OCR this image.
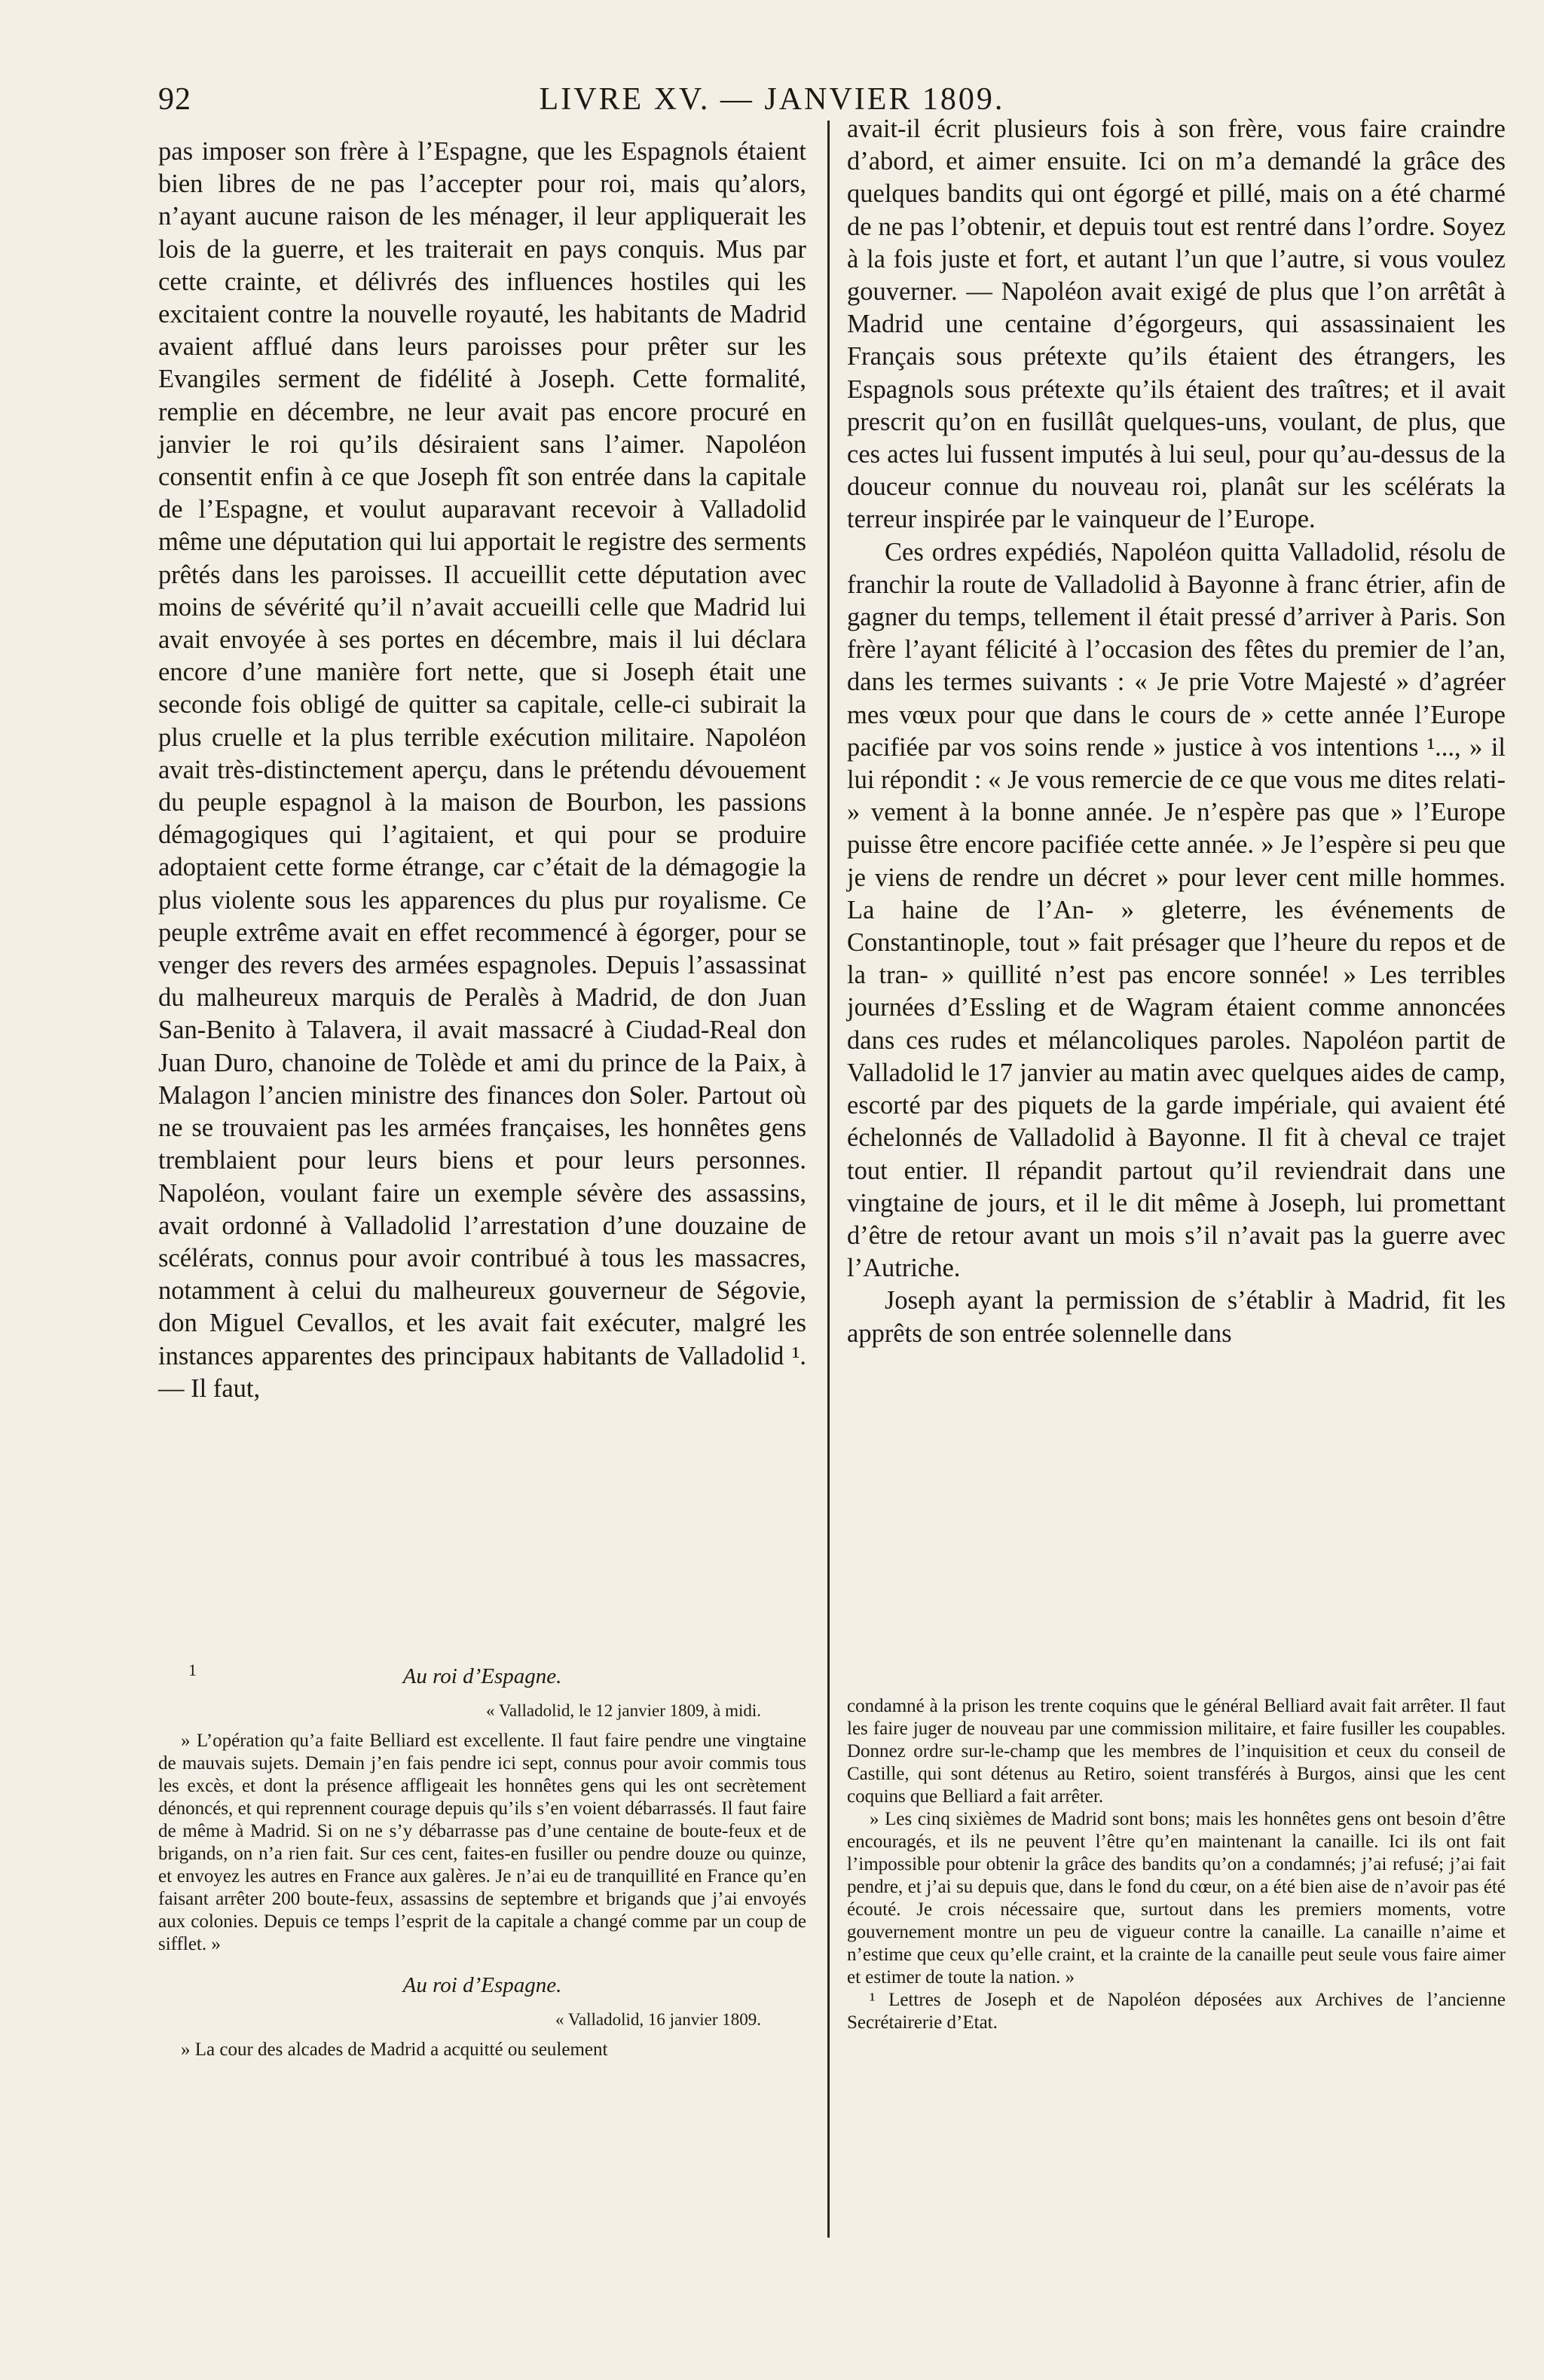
92	LIVRE XV. — JANVIER 1809.

pas imposer son frère à l’Espagne, que les Espagnols étaient bien libres de ne pas l’accepter pour roi, mais qu’alors, n’ayant aucune raison de les ménager, il leur appliquerait les lois de la guerre, et les traiterait en pays conquis. Mus par cette crainte, et délivrés des influences hostiles qui les excitaient contre la nouvelle royauté, les habitants de Madrid avaient afflué dans leurs paroisses pour prêter sur les Evangiles serment de fidélité à Joseph. Cette formalité, remplie en décembre, ne leur avait pas encore procuré en janvier le roi qu’ils désiraient sans l’aimer. Napoléon consentit enfin à ce que Joseph fît son entrée dans la capitale de l’Espagne, et voulut auparavant recevoir à Valladolid même une députation qui lui apportait le registre des serments prêtés dans les paroisses. Il accueillit cette députation avec moins de sévérité qu’il n’avait accueilli celle que Madrid lui avait envoyée à ses portes en décembre, mais il lui déclara encore d’une manière fort nette, que si Joseph était une seconde fois obligé de quitter sa capitale, celle-ci subirait la plus cruelle et la plus terrible exécution militaire. Napoléon avait très-distinctement aperçu, dans le prétendu dévouement du peuple espagnol à la maison de Bourbon, les passions démagogiques qui l’agitaient, et qui pour se produire adoptaient cette forme étrange, car c’était de la démagogie la plus violente sous les apparences du plus pur royalisme. Ce peuple extrême avait en effet recommencé à égorger, pour se venger des revers des armées espagnoles. Depuis l’assassinat du malheureux marquis de Peralès à Madrid, de don Juan San-Benito à Talavera, il avait massacré à Ciudad-Real don Juan Duro, chanoine de Tolède et ami du prince de la Paix, à Malagon l’ancien ministre des finances don Soler. Partout où ne se trouvaient pas les armées françaises, les honnêtes gens tremblaient pour leurs biens et pour leurs personnes. Napoléon, voulant faire un exemple sévère des assassins, avait ordonné à Valladolid l’arrestation d’une douzaine de scélérats, connus pour avoir contribué à tous les massacres, notamment à celui du malheureux gouverneur de Ségovie, don Miguel Cevallos, et les avait fait exécuter, malgré les instances apparentes des principaux habitants de Valladolid ¹. — Il faut,

avait-il écrit plusieurs fois à son frère, vous faire craindre d’abord, et aimer ensuite. Ici on m’a demandé la grâce des quelques bandits qui ont égorgé et pillé, mais on a été charmé de ne pas l’obtenir, et depuis tout est rentré dans l’ordre. Soyez à la fois juste et fort, et autant l’un que l’autre, si vous voulez gouverner. — Napoléon avait exigé de plus que l’on arrêtât à Madrid une centaine d’égorgeurs, qui assassinaient les Français sous prétexte qu’ils étaient des étrangers, les Espagnols sous prétexte qu’ils étaient des traîtres; et il avait prescrit qu’on en fusillât quelques-uns, voulant, de plus, que ces actes lui fussent imputés à lui seul, pour qu’au-dessus de la douceur connue du nouveau roi, planât sur les scélérats la terreur inspirée par le vainqueur de l’Europe.

Ces ordres expédiés, Napoléon quitta Valladolid, résolu de franchir la route de Valladolid à Bayonne à franc étrier, afin de gagner du temps, tellement il était pressé d’arriver à Paris. Son frère l’ayant félicité à l’occasion des fêtes du premier de l’an, dans les termes suivants : « Je prie Votre Majesté » d’agréer mes vœux pour que dans le cours de » cette année l’Europe pacifiée par vos soins rende » justice à vos intentions ¹..., » il lui répondit : « Je vous remercie de ce que vous me dites relati- » vement à la bonne année. Je n’espère pas que » l’Europe puisse être encore pacifiée cette année. » Je l’espère si peu que je viens de rendre un décret » pour lever cent mille hommes. La haine de l’An- » gleterre, les événements de Constantinople, tout » fait présager que l’heure du repos et de la tran- » quillité n’est pas encore sonnée! » Les terribles journées d’Essling et de Wagram étaient comme annoncées dans ces rudes et mélancoliques paroles. Napoléon partit de Valladolid le 17 janvier au matin avec quelques aides de camp, escorté par des piquets de la garde impériale, qui avaient été échelonnés de Valladolid à Bayonne. Il fit à cheval ce trajet tout entier. Il répandit partout qu’il reviendrait dans une vingtaine de jours, et il le dit même à Joseph, lui promettant d’être de retour avant un mois s’il n’avait pas la guerre avec l’Autriche.

Joseph ayant la permission de s’établir à Madrid, fit les apprêts de son entrée solennelle dans

1	Au roi d’Espagne.

« Valladolid, le 12 janvier 1809, à midi.

» L’opération qu’a faite Belliard est excellente. Il faut faire pendre une vingtaine de mauvais sujets. Demain j’en fais pendre ici sept, connus pour avoir commis tous les excès, et dont la présence affligeait les honnêtes gens qui les ont secrètement dénoncés, et qui reprennent courage depuis qu’ils s’en voient débarrassés. Il faut faire de même à Madrid. Si on ne s’y débarrasse pas d’une centaine de boute-feux et de brigands, on n’a rien fait. Sur ces cent, faites-en fusiller ou pendre douze ou quinze, et envoyez les autres en France aux galères. Je n’ai eu de tranquillité en France qu’en faisant arrêter 200 boute-feux, assassins de septembre et brigands que j’ai envoyés aux colonies. Depuis ce temps l’esprit de la capitale a changé comme par un coup de sifflet. »

Au roi d’Espagne.

« Valladolid, 16 janvier 1809.

» La cour des alcades de Madrid a acquitté ou seulement

condamné à la prison les trente coquins que le général Belliard avait fait arrêter. Il faut les faire juger de nouveau par une commission militaire, et faire fusiller les coupables. Donnez ordre sur-le-champ que les membres de l’inquisition et ceux du conseil de Castille, qui sont détenus au Retiro, soient transférés à Burgos, ainsi que les cent coquins que Belliard a fait arrêter.

» Les cinq sixièmes de Madrid sont bons; mais les honnêtes gens ont besoin d’être encouragés, et ils ne peuvent l’être qu’en maintenant la canaille. Ici ils ont fait l’impossible pour obtenir la grâce des bandits qu’on a condamnés; j’ai refusé; j’ai fait pendre, et j’ai su depuis que, dans le fond du cœur, on a été bien aise de n’avoir pas été écouté. Je crois nécessaire que, surtout dans les premiers moments, votre gouvernement montre un peu de vigueur contre la canaille. La canaille n’aime et n’estime que ceux qu’elle craint, et la crainte de la canaille peut seule vous faire aimer et estimer de toute la nation. »

¹ Lettres de Joseph et de Napoléon déposées aux Archives de l’ancienne Secrétairerie d’Etat.
